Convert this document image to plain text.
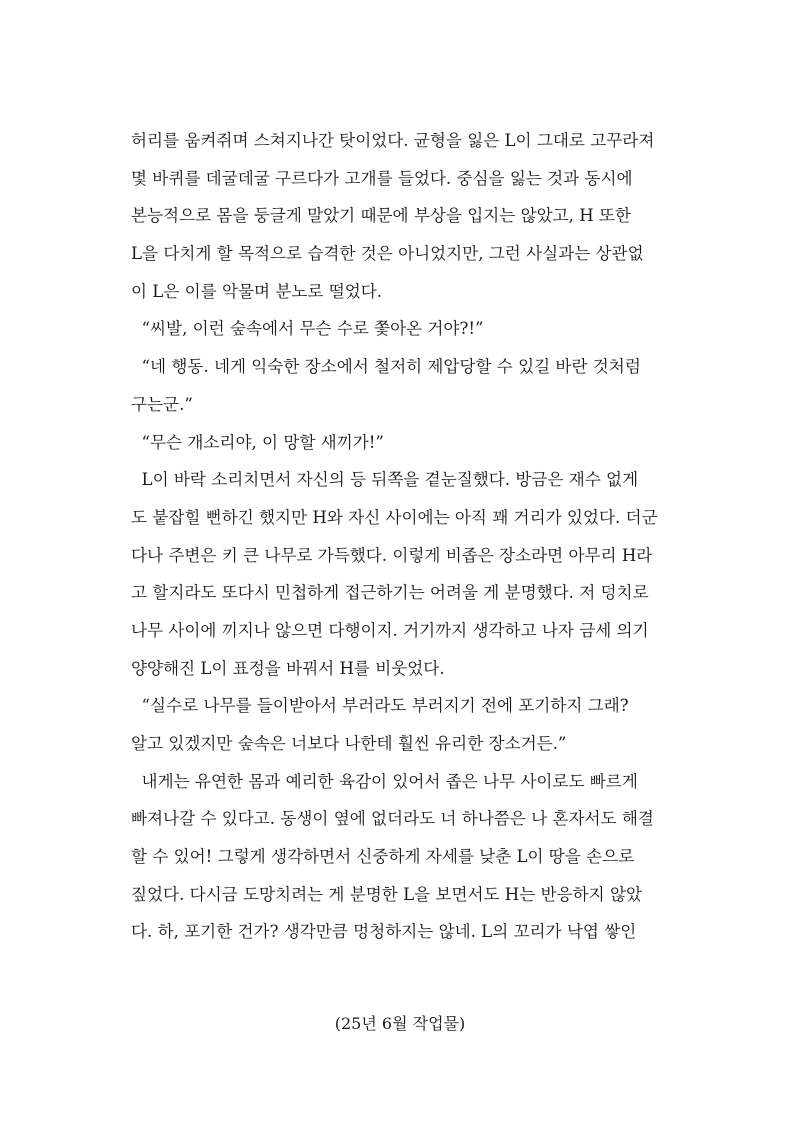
허리를 움켜쥐며 스쳐지나간 탓이었다. 균형을 잃은 L이 그대로 고꾸라져
몇 바퀴를 데굴데굴 구르다가 고개를 들었다. 중심을 잃는 것과 동시에
본능적으로 몸을 둥글게 말았기 때문에 부상을 입지는 않았고, H 또한
L을 다치게 할 목적으로 습격한 것은 아니었지만, 그런 사실과는 상관없
이 L은 이를 악물며 분노로 떨었다.
“씨발, 이런 숲속에서 무슨 수로 쫓아온 거야?!”
“네 행동. 네게 익숙한 장소에서 철저히 제압당할 수 있길 바란 것처럼
구는군.”
“무슨 개소리야, 이 망할 새끼가!”
L이 바락 소리치면서 자신의 등 뒤쪽을 곁눈질했다. 방금은 재수 없게
도 붙잡힐 뻔하긴 했지만 H와 자신 사이에는 아직 꽤 거리가 있었다. 더군
다나 주변은 키 큰 나무로 가득했다. 이렇게 비좁은 장소라면 아무리 H라
고 할지라도 또다시 민첩하게 접근하기는 어려울 게 분명했다. 저 덩치로
나무 사이에 끼지나 않으면 다행이지. 거기까지 생각하고 나자 금세 의기
양양해진 L이 표정을 바꿔서 H를 비웃었다.
“실수로 나무를 들이받아서 부러라도 부러지기 전에 포기하지 그래?
알고 있겠지만 숲속은 너보다 나한테 훨씬 유리한 장소거든.”
내게는 유연한 몸과 예리한 육감이 있어서 좁은 나무 사이로도 빠르게
빠져나갈 수 있다고. 동생이 옆에 없더라도 너 하나쯤은 나 혼자서도 해결
할 수 있어! 그렇게 생각하면서 신중하게 자세를 낮춘 L이 땅을 손으로
짚었다. 다시금 도망치려는 게 분명한 L을 보면서도 H는 반응하지 않았
다. 하, 포기한 건가? 생각만큼 멍청하지는 않네. L의 꼬리가 낙엽 쌓인
(25년 6월 작업물)
